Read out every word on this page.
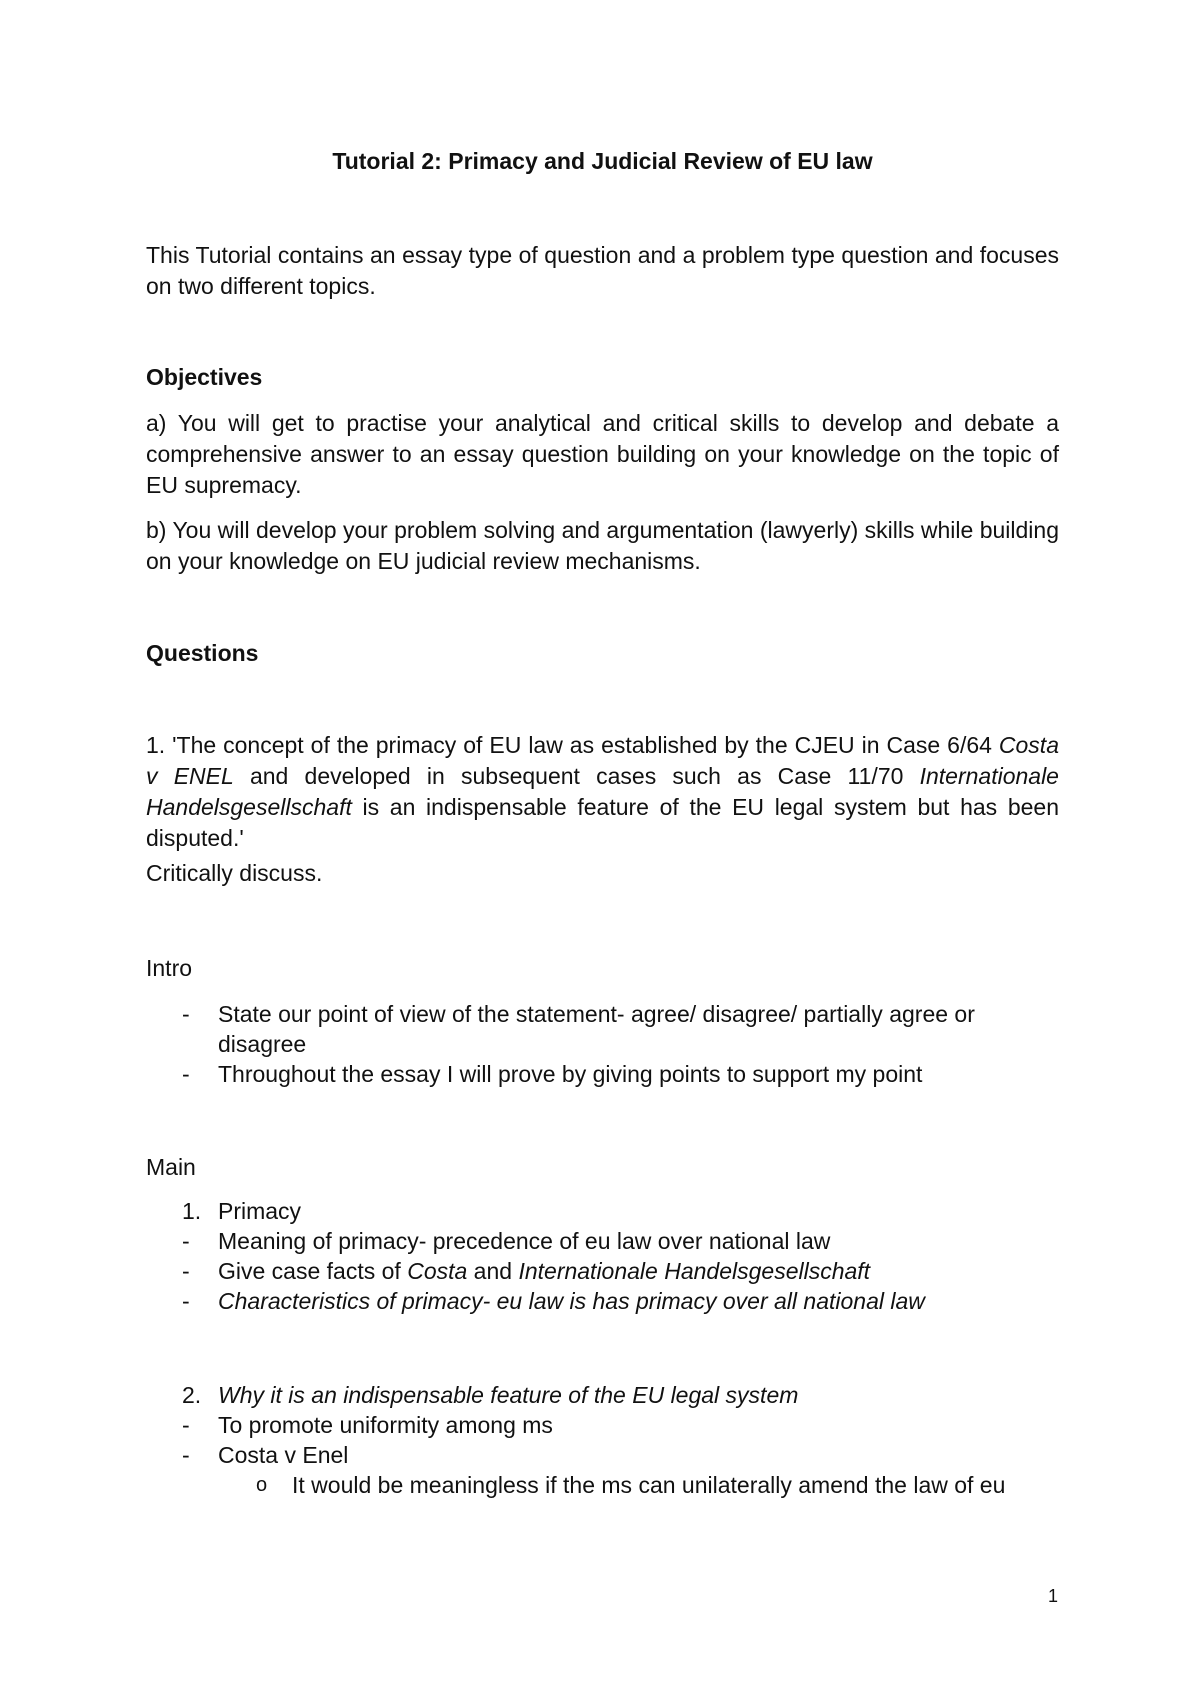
Tutorial 2: Primacy and Judicial Review of EU law
This Tutorial contains an essay type of question and a problem type question and focuses on two different topics.
Objectives
a) You will get to practise your analytical and critical skills to develop and debate a comprehensive answer to an essay question building on your knowledge on the topic of EU supremacy.
b) You will develop your problem solving and argumentation (lawyerly) skills while building on your knowledge on EU judicial review mechanisms.
Questions
1. 'The concept of the primacy of EU law as established by the CJEU in Case 6/64 Costa v ENEL and developed in subsequent cases such as Case 11/70 Internationale Handelsgesellschaft is an indispensable feature of the EU legal system but has been disputed.'
Critically discuss.
Intro
-	State our point of view of the statement- agree/ disagree/ partially agree or disagree
-	Throughout the essay I will prove by giving points to support my point
Main
1. Primacy
-	Meaning of primacy- precedence of eu law over national law
-	Give case facts of Costa and Internationale Handelsgesellschaft
-	Characteristics of primacy- eu law is has primacy over all national law
2. Why it is an indispensable feature of the EU legal system
-	To promote uniformity among ms
-	Costa v Enel
o	It would be meaningless if the ms can unilaterally amend the law of eu
1
